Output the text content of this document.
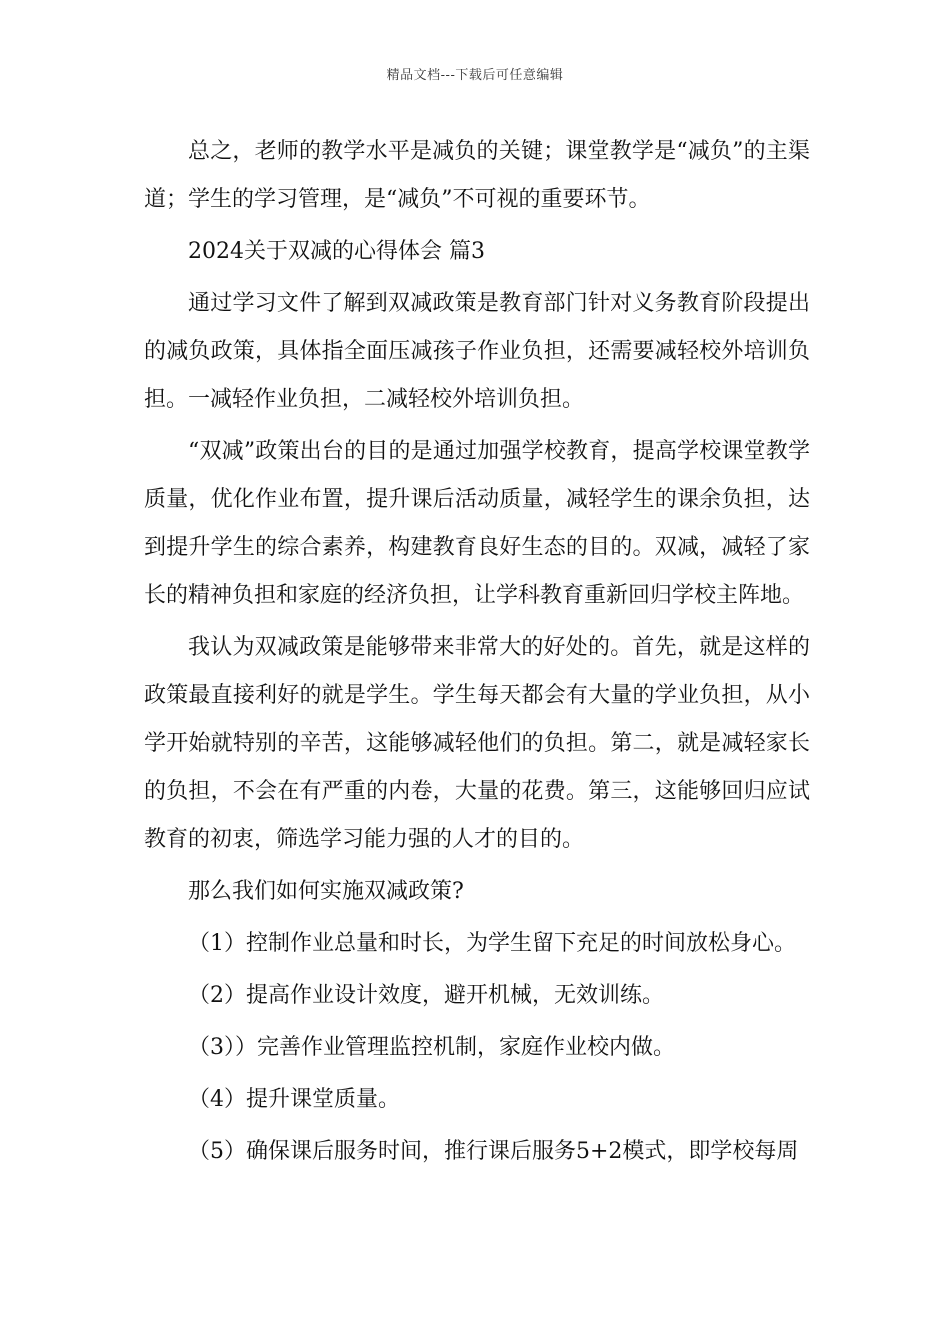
精品文档---下载后可任意编辑

总之，老师的教学水平是减负的关键；课堂教学是“减负”的主渠道；学生的学习管理，是“减负”不可视的重要环节。

2024关于双减的心得体会 篇3

通过学习文件了解到双减政策是教育部门针对义务教育阶段提出的减负政策，具体指全面压减孩子作业负担，还需要减轻校外培训负担。一减轻作业负担，二减轻校外培训负担。

“双减”政策出台的目的是通过加强学校教育，提高学校课堂教学质量，优化作业布置，提升课后活动质量，减轻学生的课余负担，达到提升学生的综合素养，构建教育良好生态的目的。双减，减轻了家长的精神负担和家庭的经济负担，让学科教育重新回归学校主阵地。

我认为双减政策是能够带来非常大的好处的。首先，就是这样的政策最直接利好的就是学生。学生每天都会有大量的学业负担，从小学开始就特别的辛苦，这能够减轻他们的负担。第二，就是减轻家长的负担，不会在有严重的内卷，大量的花费。第三，这能够回归应试教育的初衷，筛选学习能力强的人才的目的。

那么我们如何实施双减政策?

（1）控制作业总量和时长，为学生留下充足的时间放松身心。

（2）提高作业设计效度，避开机械，无效训练。

（3））完善作业管理监控机制，家庭作业校内做。

（4）提升课堂质量。

（5）确保课后服务时间，推行课后服务5+2模式，即学校每周
